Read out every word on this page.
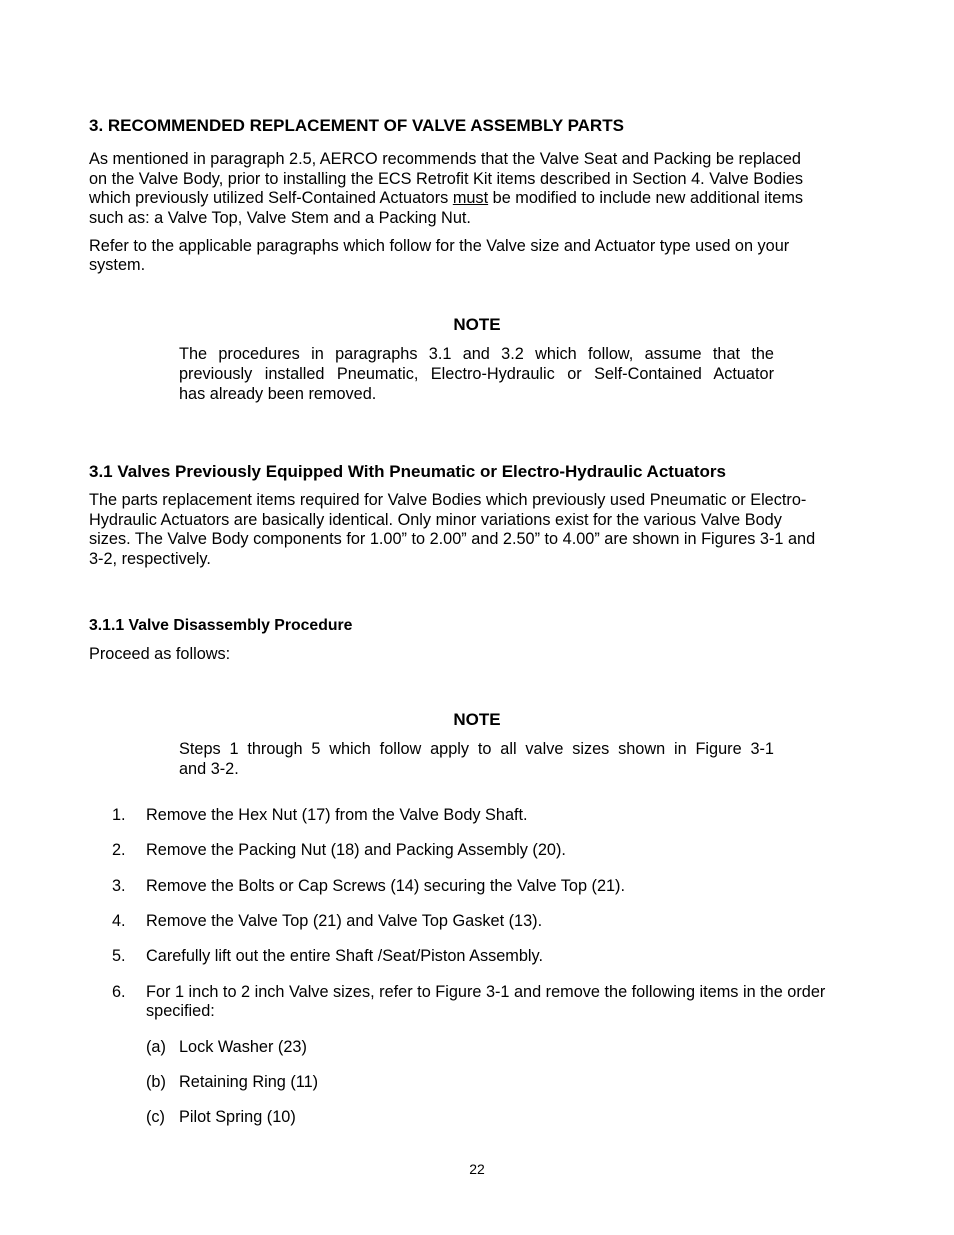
3. RECOMMENDED REPLACEMENT OF VALVE ASSEMBLY PARTS
As mentioned in paragraph 2.5, AERCO recommends that the Valve Seat and Packing be replaced
on the Valve Body, prior to installing the ECS Retrofit Kit items described in Section 4. Valve Bodies
which previously utilized Self-Contained Actuators must be modified to include new additional items
such as: a Valve Top, Valve Stem and a Packing Nut.
Refer to the applicable paragraphs which follow for the Valve size and Actuator type used on your
system.
NOTE
The procedures in paragraphs 3.1 and 3.2 which follow, assume that the
previously installed Pneumatic, Electro-Hydraulic or Self-Contained Actuator
has already been removed.
3.1 Valves Previously Equipped With Pneumatic or Electro-Hydraulic Actuators
The parts replacement items required for Valve Bodies which previously used Pneumatic or Electro-
Hydraulic Actuators are basically identical. Only minor variations exist for the various Valve Body
sizes. The Valve Body components for 1.00” to 2.00” and 2.50” to 4.00” are shown in Figures 3-1 and
3-2, respectively.
3.1.1 Valve Disassembly Procedure
Proceed as follows:
NOTE
Steps 1 through 5 which follow apply to all valve sizes shown in Figure 3-1
and 3-2.
1. Remove the Hex Nut (17) from the Valve Body Shaft.
2. Remove the Packing Nut (18) and Packing Assembly (20).
3. Remove the Bolts or Cap Screws (14) securing the Valve Top (21).
4. Remove the Valve Top (21) and Valve Top Gasket (13).
5. Carefully lift out the entire Shaft /Seat/Piston Assembly.
6. For 1 inch to 2 inch Valve sizes, refer to Figure 3-1 and remove the following items in the order
specified:
(a) Lock Washer (23)
(b) Retaining Ring (11)
(c) Pilot Spring (10)
22
